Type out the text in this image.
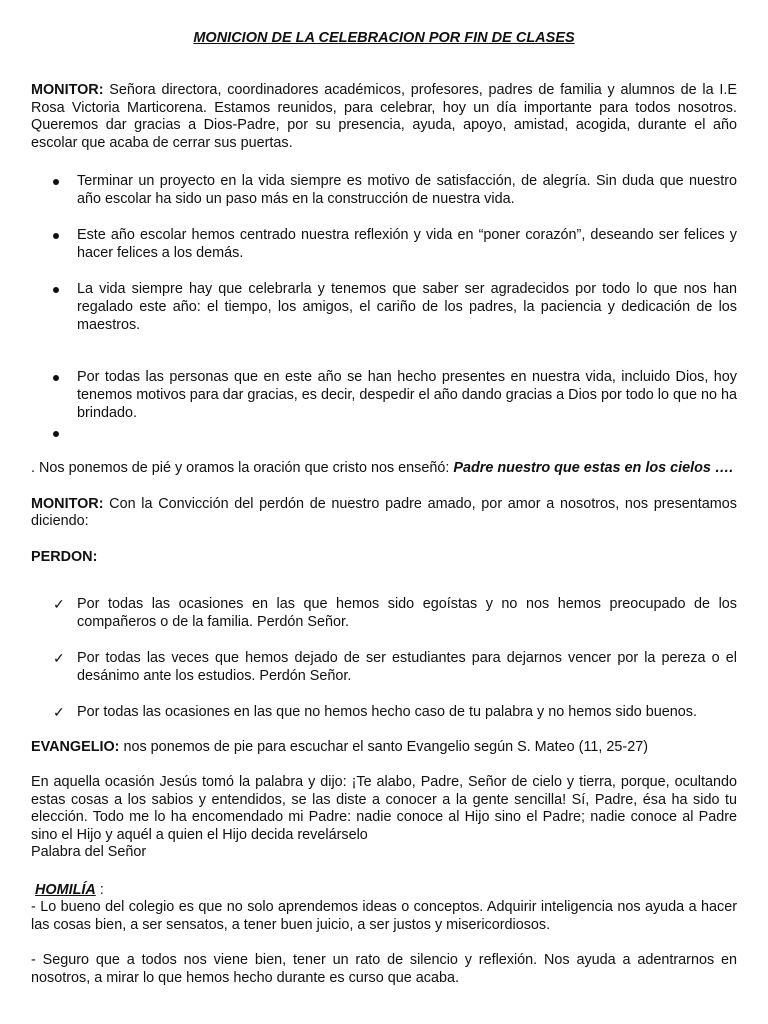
MONICION DE LA CELEBRACION POR FIN DE CLASES

MONITOR: Señora directora, coordinadores académicos, profesores, padres de familia y alumnos de la I.E Rosa Victoria Marticorena. Estamos reunidos, para celebrar, hoy un día importante para todos nosotros. Queremos dar gracias a Dios-Padre, por su presencia, ayuda, apoyo, amistad, acogida, durante el año escolar que acaba de cerrar sus puertas.

Terminar un proyecto en la vida siempre es motivo de satisfacción, de alegría. Sin duda que nuestro año escolar ha sido un paso más en la construcción de nuestra vida.
Este año escolar hemos centrado nuestra reflexión y vida en “poner corazón”, deseando ser felices y hacer felices a los demás.
La vida siempre hay que celebrarla y tenemos que saber ser agradecidos por todo lo que nos han regalado este año: el tiempo, los amigos, el cariño de los padres, la paciencia y dedicación de los maestros.
Por todas las personas que en este año se han hecho presentes en nuestra vida, incluido Dios, hoy tenemos motivos para dar gracias, es decir, despedir el año dando gracias a Dios por todo lo que no ha brindado.

. Nos ponemos de pié y oramos la oración que cristo nos enseñó: Padre nuestro que estas en los cielos ….

MONITOR: Con la Convicción del perdón de nuestro padre amado, por amor a nosotros, nos presentamos diciendo:

PERDON:
✓ Por todas las ocasiones en las que hemos sido egoístas y no nos hemos preocupado de los compañeros o de la familia. Perdón Señor.
✓ Por todas las veces que hemos dejado de ser estudiantes para dejarnos vencer por la pereza o el desánimo ante los estudios. Perdón Señor.
✓ Por todas las ocasiones en las que no hemos hecho caso de tu palabra y no hemos sido buenos.

EVANGELIO: nos ponemos de pie para escuchar el santo Evangelio según S. Mateo (11, 25-27)

En aquella ocasión Jesús tomó la palabra y dijo: ¡Te alabo, Padre, Señor de cielo y tierra, porque, ocultando estas cosas a los sabios y entendidos, se las diste a conocer a la gente sencilla! Sí, Padre, ésa ha sido tu elección. Todo me lo ha encomendado mi Padre: nadie conoce al Hijo sino el Padre; nadie conoce al Padre sino el Hijo y aquél a quien el Hijo decida revelárselo

Palabra del Señor

HOMILÍA :

- Lo bueno del colegio es que no solo aprendemos ideas o conceptos. Adquirir inteligencia nos ayuda a hacer las cosas bien, a ser sensatos, a tener buen juicio, a ser justos y misericordiosos.

- Seguro que a todos nos viene bien, tener un rato de silencio y reflexión. Nos ayuda a adentrarnos en nosotros, a mirar lo que hemos hecho durante es curso que acaba.
